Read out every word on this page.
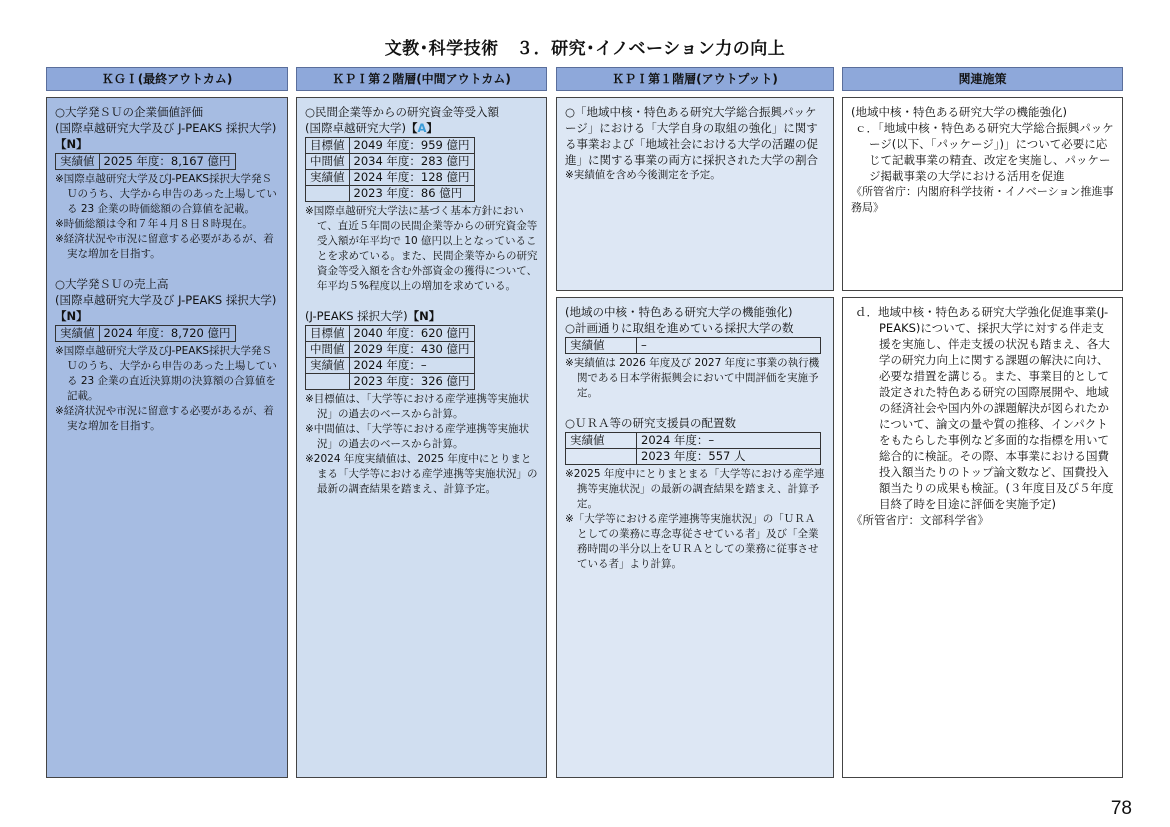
文教･科学技術　３．研究･イノベーション力の向上
ＫＧＩ(最終アウトカム)	ＫＰＩ第２階層(中間アウトカム)	ＫＰＩ第１階層(アウトプット)	関連施策

○大学発ＳＵの企業価値評価
(国際卓越研究大学及び J-PEAKS 採択大学)【N】

実績値	2025 年度：8,167 億円

※国際卓越研究大学及びJ-PEAKS採択大学発ＳＵのうち、大学から申告のあった上場している 23 企業の時価総額の合算値を記載。

※時価総額は令和７年４月８日８時現在。

※経済状況や市況に留意する必要があるが、着実な増加を目指す。

○大学発ＳＵの売上高
(国際卓越研究大学及び J-PEAKS 採択大学)【N】

実績値	2024 年度：8,720 億円

※国際卓越研究大学及びJ-PEAKS採択大学発ＳＵのうち、大学から申告のあった上場している 23 企業の直近決算期の決算額の合算値を記載。

※経済状況や市況に留意する必要があるが、着実な増加を目指す。

○民間企業等からの研究資金等受入額

(国際卓越研究大学)【A】

目標値	2049 年度：959 億円
中間値	2034 年度：283 億円
実績値	2024 年度：128 億円
	2023 年度：86 億円

※国際卓越研究大学法に基づく基本方針において、直近５年間の民間企業等からの研究資金等受入額が年平均で 10 億円以上となっていることを求めている。また、民間企業等からの研究資金等受入額を含む外部資金の獲得について、年平均５%程度以上の増加を求めている。

(J-PEAKS 採択大学)【N】

目標値	2040 年度：620 億円
中間値	2029 年度：430 億円
実績値	2024 年度：–
	2023 年度：326 億円

※目標値は、「大学等における産学連携等実施状況」の過去のベースから計算。

※中間値は、「大学等における産学連携等実施状況」の過去のベースから計算。

※2024 年度実績値は、2025 年度中にとりまとまる「大学等における産学連携等実施状況」の最新の調査結果を踏まえ、計算予定。

○「地域中核・特色ある研究大学総合振興パッケージ」における「大学自身の取組の強化」に関する事業および「地域社会における大学の活躍の促進」に関する事業の両方に採択された大学の割合

※実績値を含め今後測定を予定。

(地域の中核・特色ある研究大学の機能強化)

○計画通りに取組を進めている採択大学の数

実績値	–

※実績値は 2026 年度及び 2027 年度に事業の執行機関である日本学術振興会において中間評価を実施予定。

○ＵＲＡ等の研究支援員の配置数

実績値	2024 年度：–
	2023 年度：557 人

※2025 年度中にとりまとまる「大学等における産学連携等実施状況」の最新の調査結果を踏まえ、計算予定。

※「大学等における産学連携等実施状況」の「ＵＲＡとしての業務に専念専従させている者」及び「全業務時間の半分以上をＵＲＡとしての業務に従事させている者」より計算。

(地域中核・特色ある研究大学の機能強化)

ｃ．「地域中核・特色ある研究大学総合振興パッケージ(以下、「パッケージ」)」について必要に応じて記載事業の精査、改定を実施し、パッケージ掲載事業の大学における活用を促進

《所管省庁：内閣府科学技術・イノベーション推進事務局》

ｄ．地域中核・特色ある研究大学強化促進事業(J-PEAKS)について、採択大学に対する伴走支援を実施し、伴走支援の状況も踏まえ、各大学の研究力向上に関する課題の解決に向け、必要な措置を講じる。また、事業目的として設定された特色ある研究の国際展開や、地域の経済社会や国内外の課題解決が図られたかについて、論文の量や質の推移、インパクトをもたらした事例など多面的な指標を用いて総合的に検証。その際、本事業における国費投入額当たりのトップ論文数など、国費投入額当たりの成果も検証。(３年度目及び５年度目終了時を目途に評価を実施予定)

《所管省庁：文部科学省》

78
